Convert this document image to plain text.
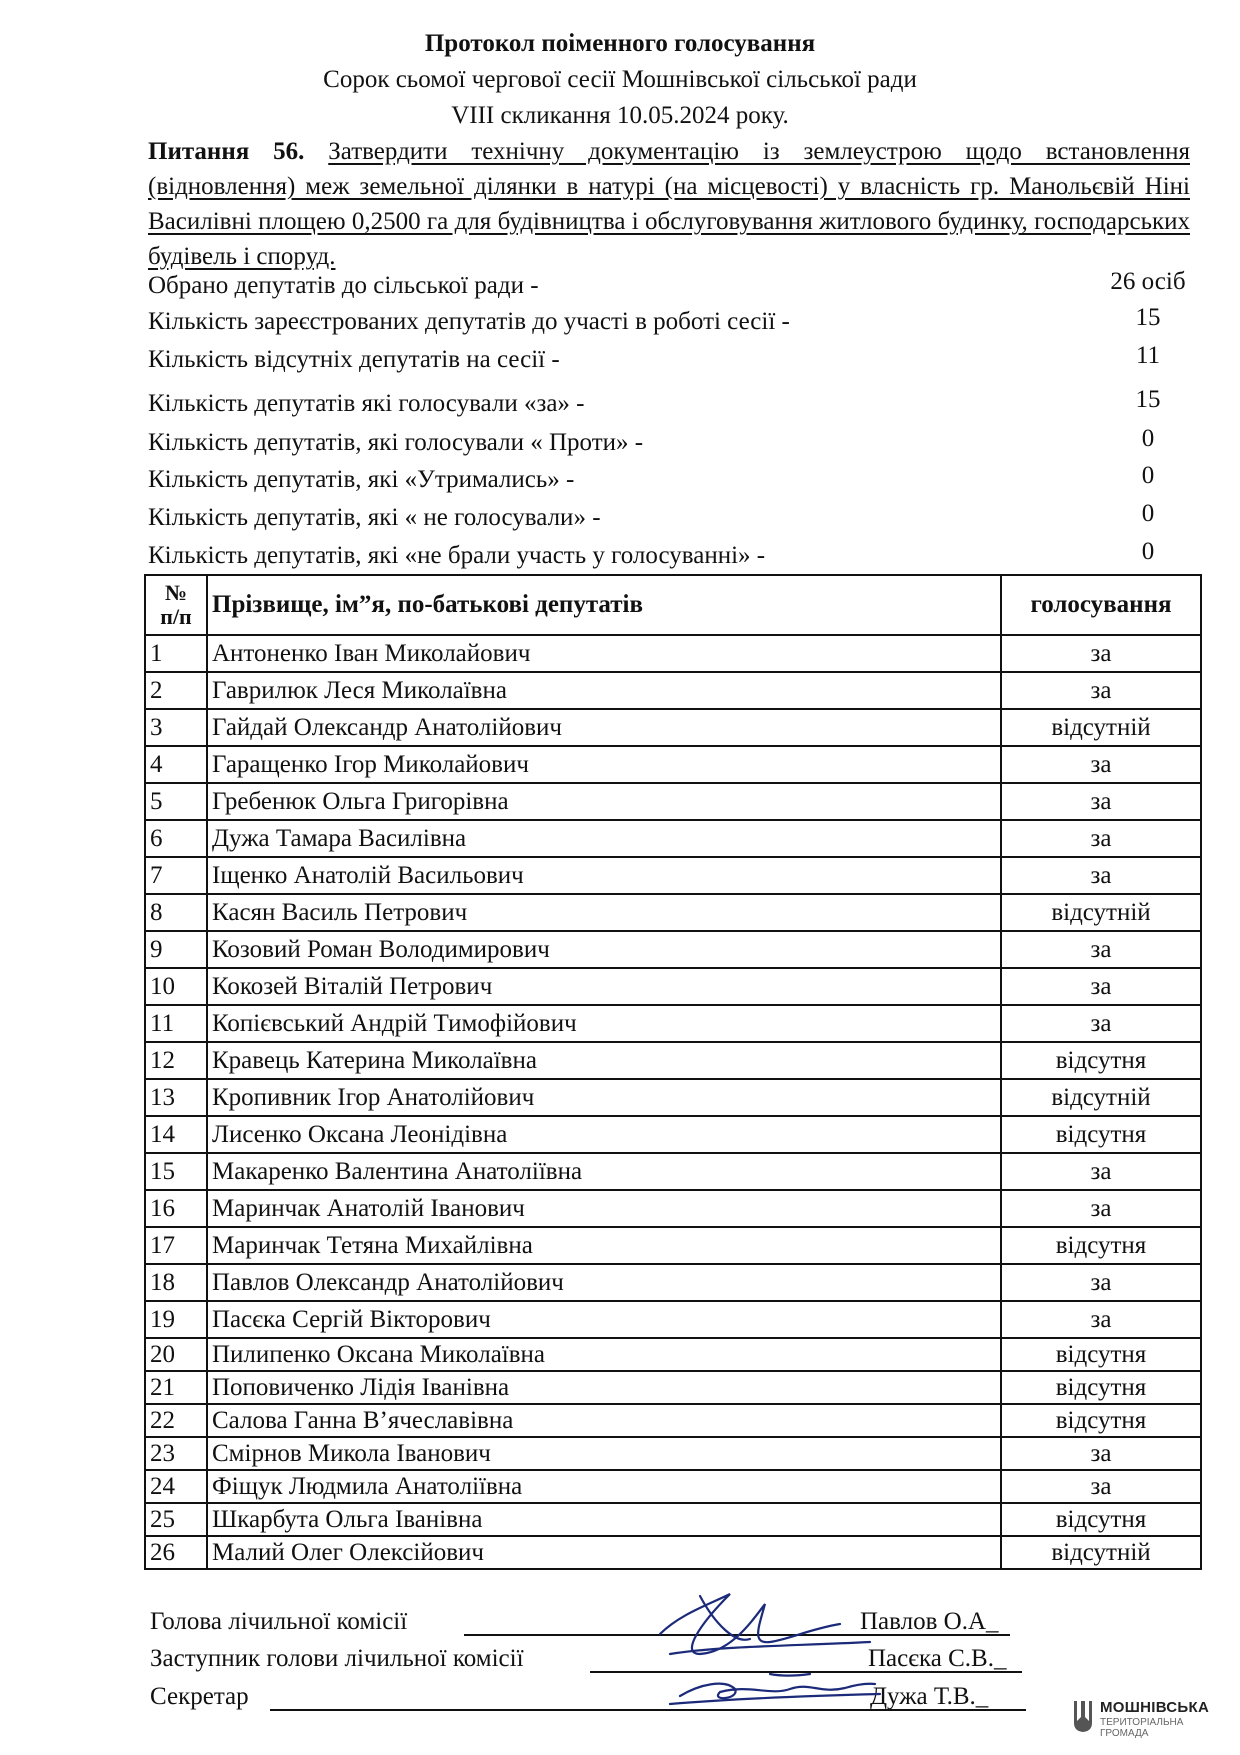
Протокол поіменного голосування
Сорок сьомої чергової сесії Мошнівської сільської ради
VIII скликання 10.05.2024 року.
Питання 56. Затвердити технічну документацію із землеустрою щодо встановлення (відновлення) меж земельної ділянки в натурі (на місцевості) у власність гр. Манольєвій Ніні Василівні площею 0,2500 га для будівництва і обслуговування житлового будинку, господарських будівель і споруд.
Обрано депутатів до сільської ради -	26 осіб
Кількість зареєстрованих депутатів до участі в роботі сесії -	15
Кількість відсутніх депутатів на сесії -	11
Кількість депутатів які голосували «за» -	15
Кількість депутатів, які голосували « Проти» -	0
Кількість депутатів, які «Утримались» -	0
Кількість депутатів, які « не голосували» -	0
Кількість депутатів, які «не брали участь у голосуванні» -	0
№
п/п	Прізвище, ім”я, по-батькові депутатів	голосування
1	Антоненко Іван Миколайович	за
2	Гаврилюк Леся Миколаївна	за
3	Гайдай Олександр Анатолійович	відсутній
4	Гаращенко Ігор Миколайович	за
5	Гребенюк Ольга Григорівна	за
6	Дужа Тамара Василівна	за
7	Іщенко Анатолій Васильович	за
8	Касян Василь Петрович	відсутній
9	Козовий Роман Володимирович	за
10	Кокозей Віталій Петрович	за
11	Копієвський Андрій Тимофійович	за
12	Кравець Катерина Миколаївна	відсутня
13	Кропивник Ігор Анатолійович	відсутній
14	Лисенко Оксана Леонідівна	відсутня
15	Макаренко Валентина Анатоліївна	за
16	Маринчак Анатолій Іванович	за
17	Маринчак Тетяна Михайлівна	відсутня
18	Павлов Олександр Анатолійович	за
19	Пасєка Сергій Вікторович	за
20	Пилипенко Оксана Миколаївна	відсутня
21	Поповиченко Лідія Іванівна	відсутня
22	Салова Ганна В’ячеславівна	відсутня
23	Смірнов Микола Іванович	за
24	Фіщук Людмила Анатоліївна	за
25	Шкарбута Ольга Іванівна	відсутня
26	Малий Олег Олексійович	відсутній
Голова лічильної комісії	Павлов О.А_
Заступник голови лічильної комісії	Пасєка С.В._
Секретар	Дужа Т.В._	МОШНІВСЬКА
ТЕРИТОРІАЛЬНА
ГРОМАДА
